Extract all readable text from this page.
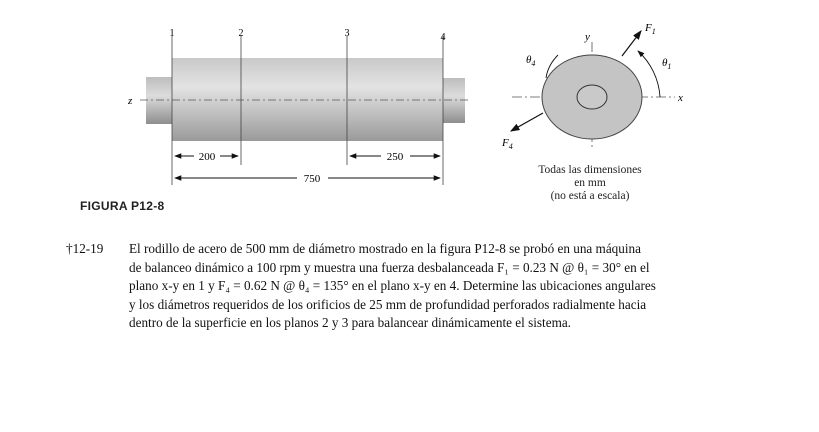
1	2	3	4
z
200	250
750
y
x
$F_1$
$\theta_1$
$\theta_4$
$F_4$
Todas las dimensiones
en mm
(no está a escala)
FIGURA P12-8
†12-19 El rodillo de acero de 500 mm de diámetro mostrado en la figura P12-8 se probó en una máquina

de balanceo dinámico a 100 rpm y muestra una fuerza desbalanceada F₁ = 0.23 N @ θ₁ = 30° en el

plano x-y en 1 y F₄ = 0.62 N @ θ₄ = 135° en el plano x-y en 4. Determine las ubicaciones angulares

y los diámetros requeridos de los orificios de 25 mm de profundidad perforados radialmente hacia

dentro de la superficie en los planos 2 y 3 para balancear dinámicamente el sistema.
